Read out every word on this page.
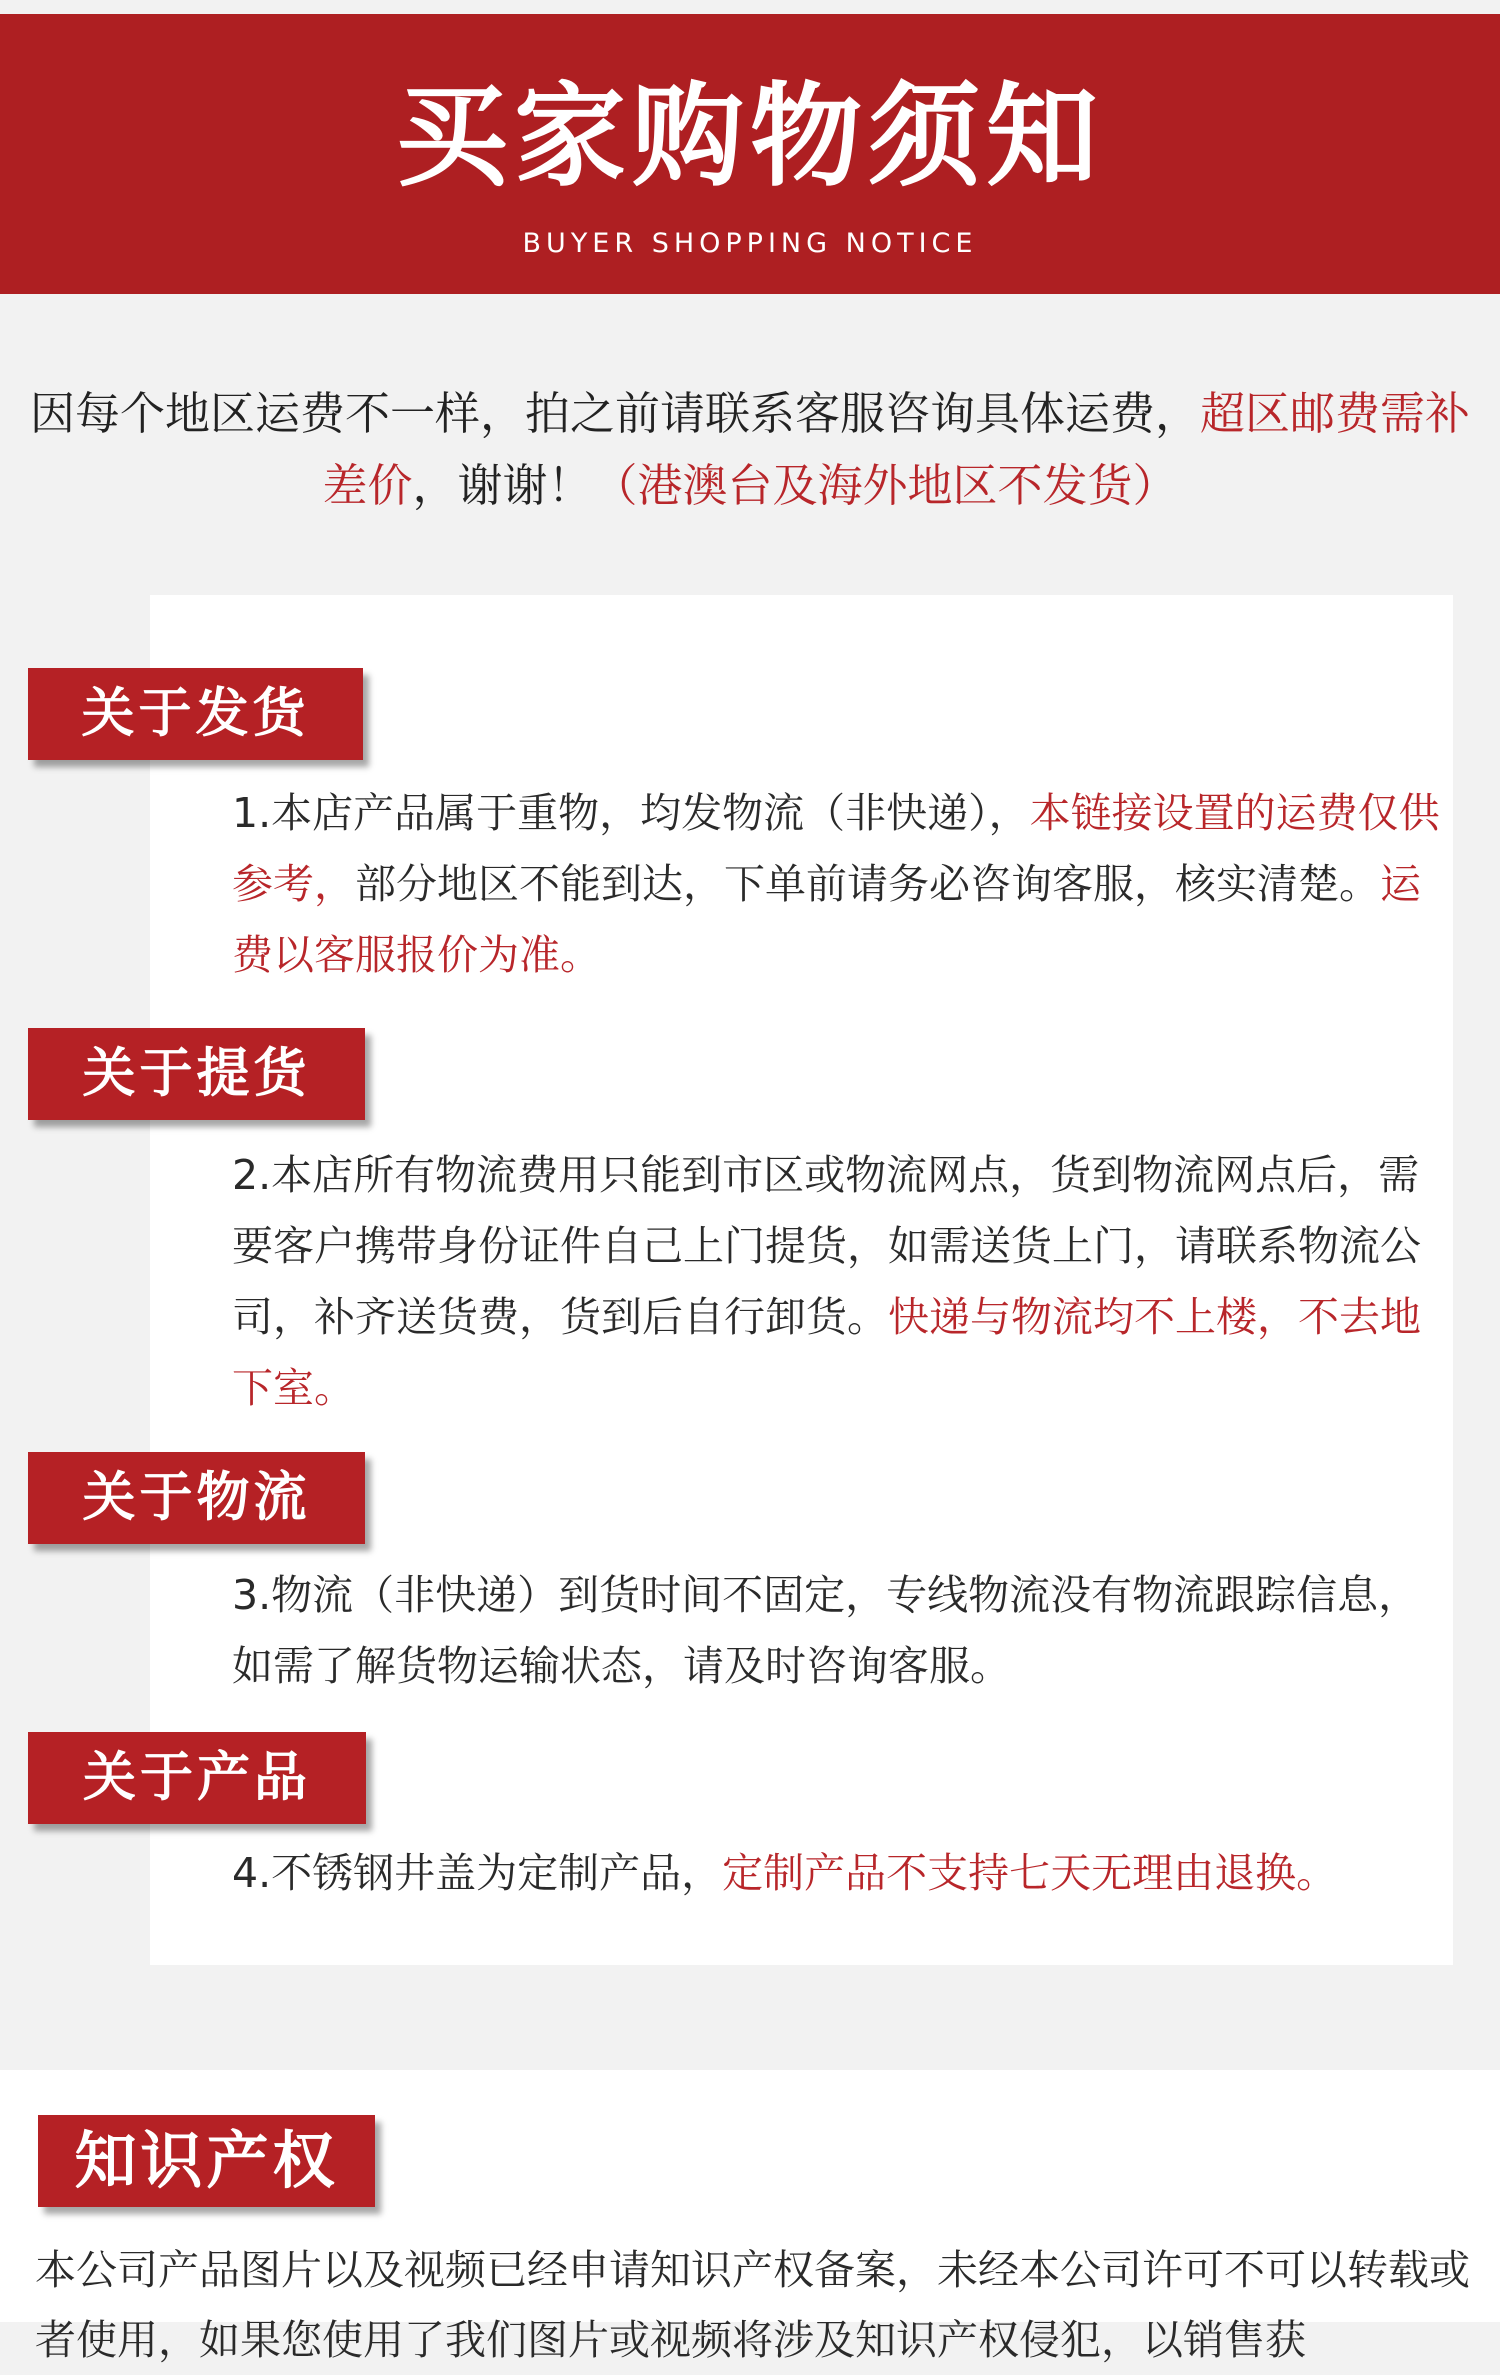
买家购物须知
BUYER SHOPPING NOTICE
因每个地区运费不一样，拍之前请联系客服咨询具体运费，超区邮费需补差价，谢谢！（港澳台及海外地区不发货）
关于发货
1.本店产品属于重物，均发物流（非快递），本链接设置的运费仅供参考，部分地区不能到达，下单前请务必咨询客服，核实清楚。运费以客服报价为准。
关于提货
2.本店所有物流费用只能到市区或物流网点，货到物流网点后，需要客户携带身份证件自己上门提货，如需送货上门，请联系物流公司，补齐送货费，货到后自行卸货。快递与物流均不上楼，不去地下室。
关于物流
3.物流（非快递）到货时间不固定，专线物流没有物流跟踪信息，如需了解货物运输状态，请及时咨询客服。
关于产品
4.不锈钢井盖为定制产品，定制产品不支持七天无理由退换。
知识产权
本公司产品图片以及视频已经申请知识产权备案，未经本公司许可不可以转载或者使用，如果您使用了我们图片或视频将涉及知识产权侵犯，以销售获
